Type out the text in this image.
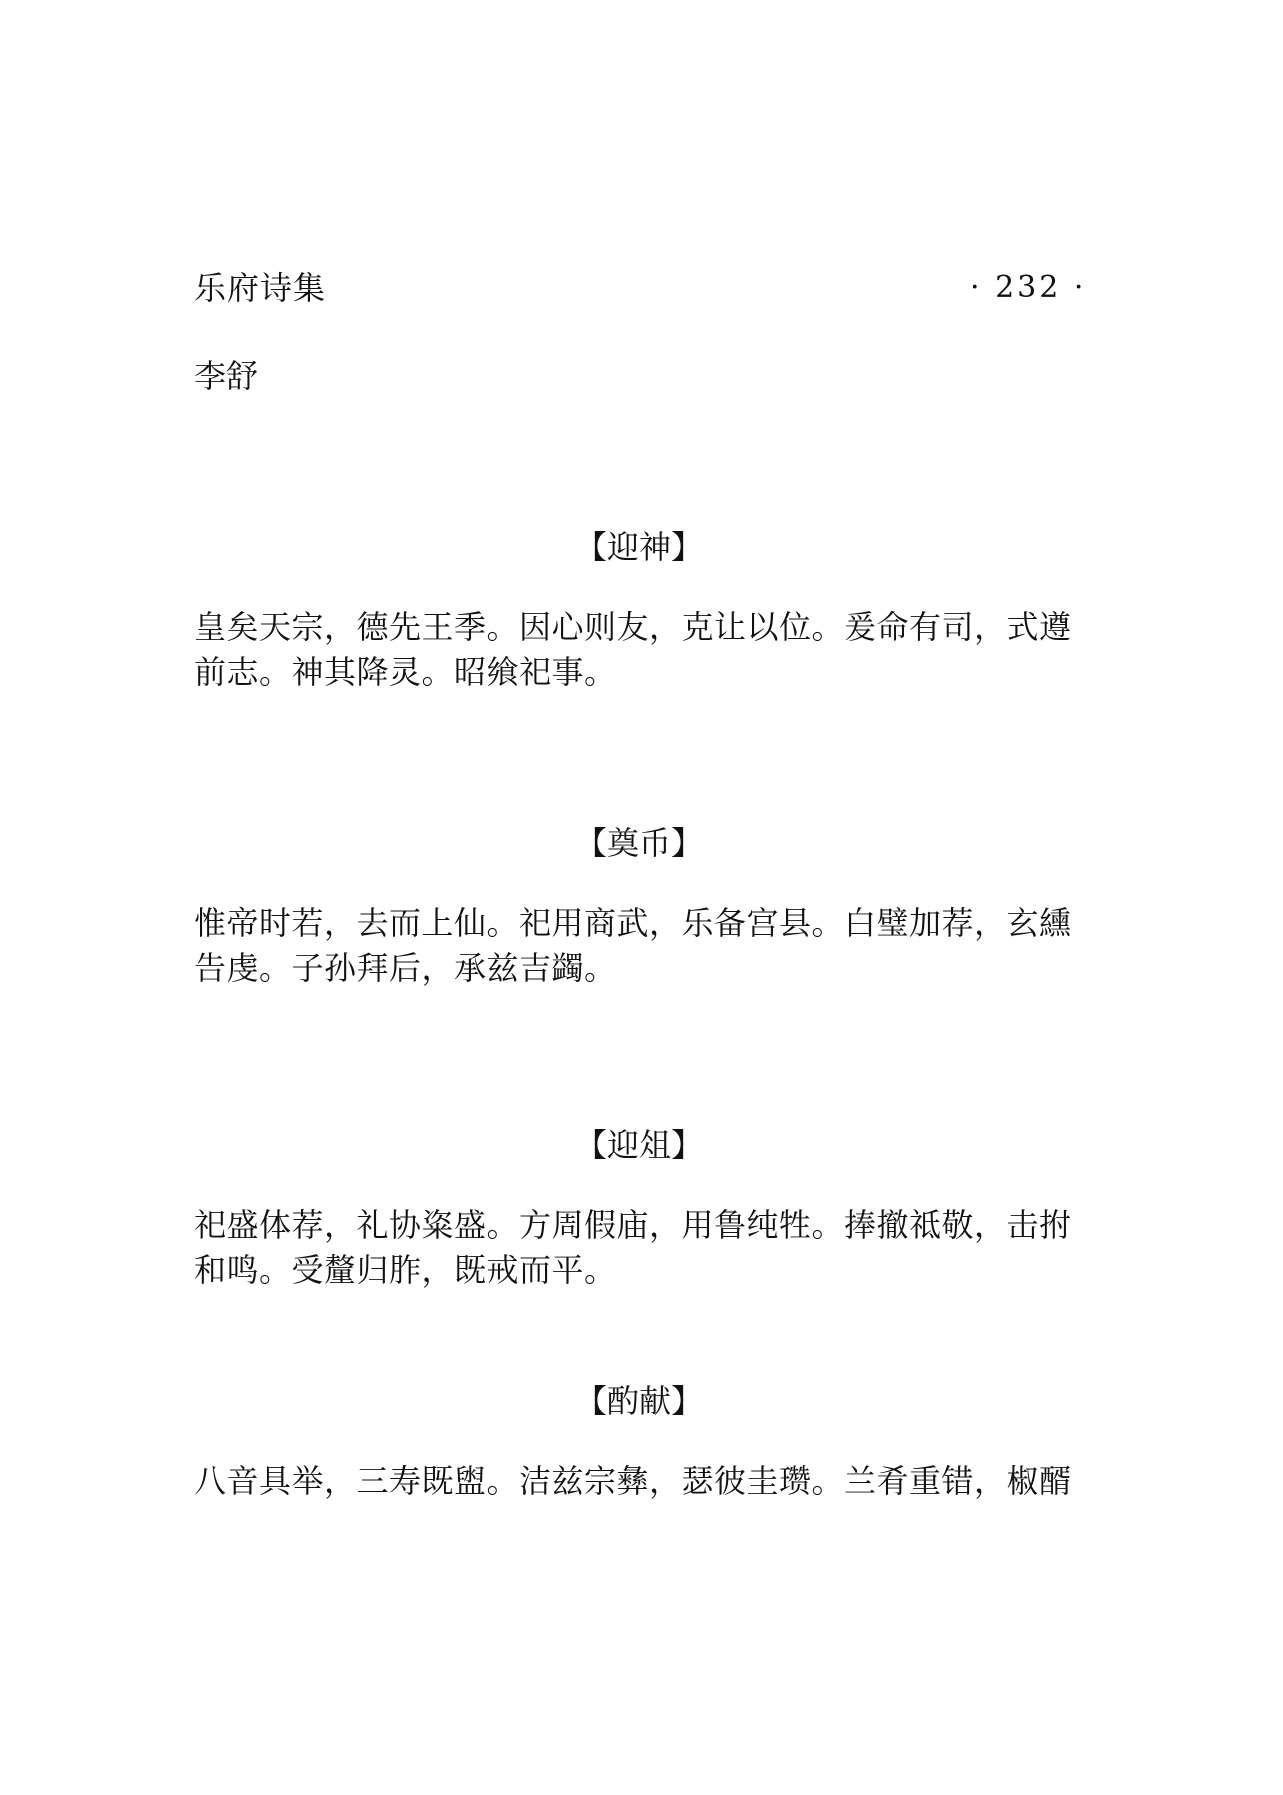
乐府诗集	· 232 ·
李舒
【迎神】
皇矣天宗，德先王季。因心则友，克让以位。爰命有司，式遵
前志。神其降灵。昭飨祀事。
【奠币】
惟帝时若，去而上仙。祀用商武，乐备宫县。白璧加荐，玄纁
告虔。子孙拜后，承兹吉蠲。
【迎俎】
祀盛体荐，礼协粢盛。方周假庙，用鲁纯牲。捧撤祗敬，击拊
和鸣。受釐归胙，既戒而平。
【酌献】
八音具举，三寿既盥。洁兹宗彝，瑟彼圭瓒。兰肴重错，椒醑
